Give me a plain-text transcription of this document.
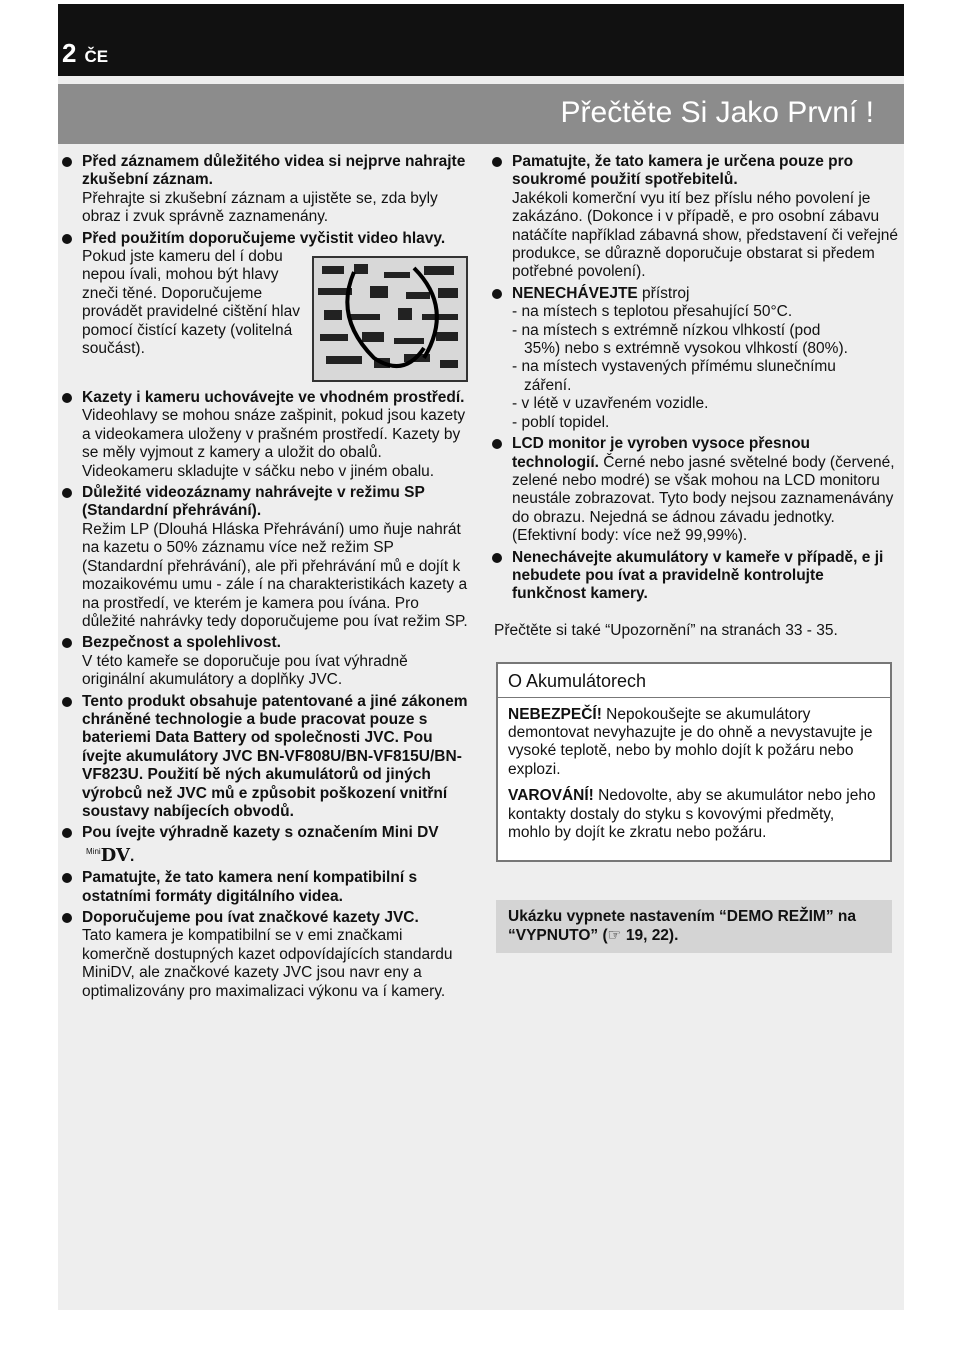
2 ČE
Přečtěte Si Jako První !
Před záznamem důležitého videa si nejprve nahrajte zkušební záznam.
Přehrajte si zkušební záznam a ujistěte se, zda byly obraz i zvuk správně zaznamenány.
Před použitím doporučujeme vyčistit video hlavy.
Pokud jste kameru del í dobu nepou ívali, mohou být hlavy zneči těné. Doporučujeme provádět pravidelné cištění hlav pomocí čistící kazety (volitelná součást).
Kazety i kameru uchovávejte ve vhodném prostředí.
Videohlavy se mohou snáze zašpinit, pokud jsou kazety a videokamera uloženy v prašném prostředí. Kazety by se měly vyjmout z kamery a uložit do obalů. Videokameru skladujte v sáčku nebo v jiném obalu.
Důležité videozáznamy nahrávejte v režimu SP (Standardní přehrávání).
Režim LP (Dlouhá Hláska Přehrávání) umo ňuje nahrát na kazetu o 50% záznamu více než režim SP (Standardní přehrávání), ale při přehrávání mů e dojít k mozaikovému umu - zále í na charakteristikách kazety a na prostředí, ve kterém je kamera pou ívána. Pro důležité nahrávky tedy doporučujeme pou ívat režim SP.
Bezpečnost a spolehlivost.
V této kameře se doporučuje pou ívat výhradně originální akumulátory a doplňky JVC.
Tento produkt obsahuje patentované a jiné zákonem chráněné technologie a bude pracovat pouze s bateriemi Data Battery od společnosti JVC. Pou ívejte akumulátory JVC BN-VF808U/BN-VF815U/BN-VF823U. Použití bě ných akumulátorů od jiných výrobců než JVC mů e způsobit poškození vnitřní soustavy nabíjecích obvodů.
Pou ívejte výhradně kazety s označením Mini $DV^{Mini}DV$.
Pamatujte, že tato kamera není kompatibilní s ostatními formáty digitálního videa.
Doporučujeme pou ívat značkové kazety JVC.
Tato kamera je kompatibilní se v emi značkami komerčně dostupných kazet odpovídajících standardu MiniDV, ale značkové kazety JVC jsou navr eny a optimalizovány pro maximalizaci výkonu va í kamery.
Pamatujte, že tato kamera je určena pouze pro soukromé použití spotřebitelů.
Jakékoli komerční vyu ití bez příslu ného povolení je zakázáno. (Dokonce i v případě, e pro osobní zábavu natáčíte například zábavná show, představení či veřejné produkce, se důrazně doporučuje obstarat si předem potřebné povolení).
NENECHÁVEJTE přístroj
- na místech s teplotou přesahující 50°C.
- na místech s extrémně nízkou vlhkostí (pod
35%) nebo s extrémně vysokou vlhkostí (80%).
- na místech vystavených přímému slunečnímu
záření.
- v létě v uzavřeném vozidle.
- poblí topidel.
LCD monitor je vyroben vysoce přesnou technologií. Černé nebo jasné světelné body (červené, zelené nebo modré) se však mohou na LCD monitoru neustále zobrazovat. Tyto body nejsou zaznamenávány do obrazu. Nejedná se ádnou závadu jednotky. (Efektivní body: více než 99,99%).
Nenechávejte akumulátory v kameře v případě, e ji nebudete pou ívat a pravidelně kontrolujte funkčnost kamery.
Přečtěte si také “Upozornění” na stranách 33 - 35.
O Akumulátorech
NEBEZPEČÍ! Nepokoušejte se akumulátory demontovat nevyhazujte je do ohně a nevystavujte je vysoké teplotě, nebo by mohlo dojít k požáru nebo explozi.
VAROVÁNÍ! Nedovolte, aby se akumulátor nebo jeho kontakty dostaly do styku s kovovými předměty, mohlo by dojít ke zkratu nebo požáru.
Ukázku vypnete nastavením “DEMO REŽIM” na “VYPNUTO” (☞ 19, 22).
